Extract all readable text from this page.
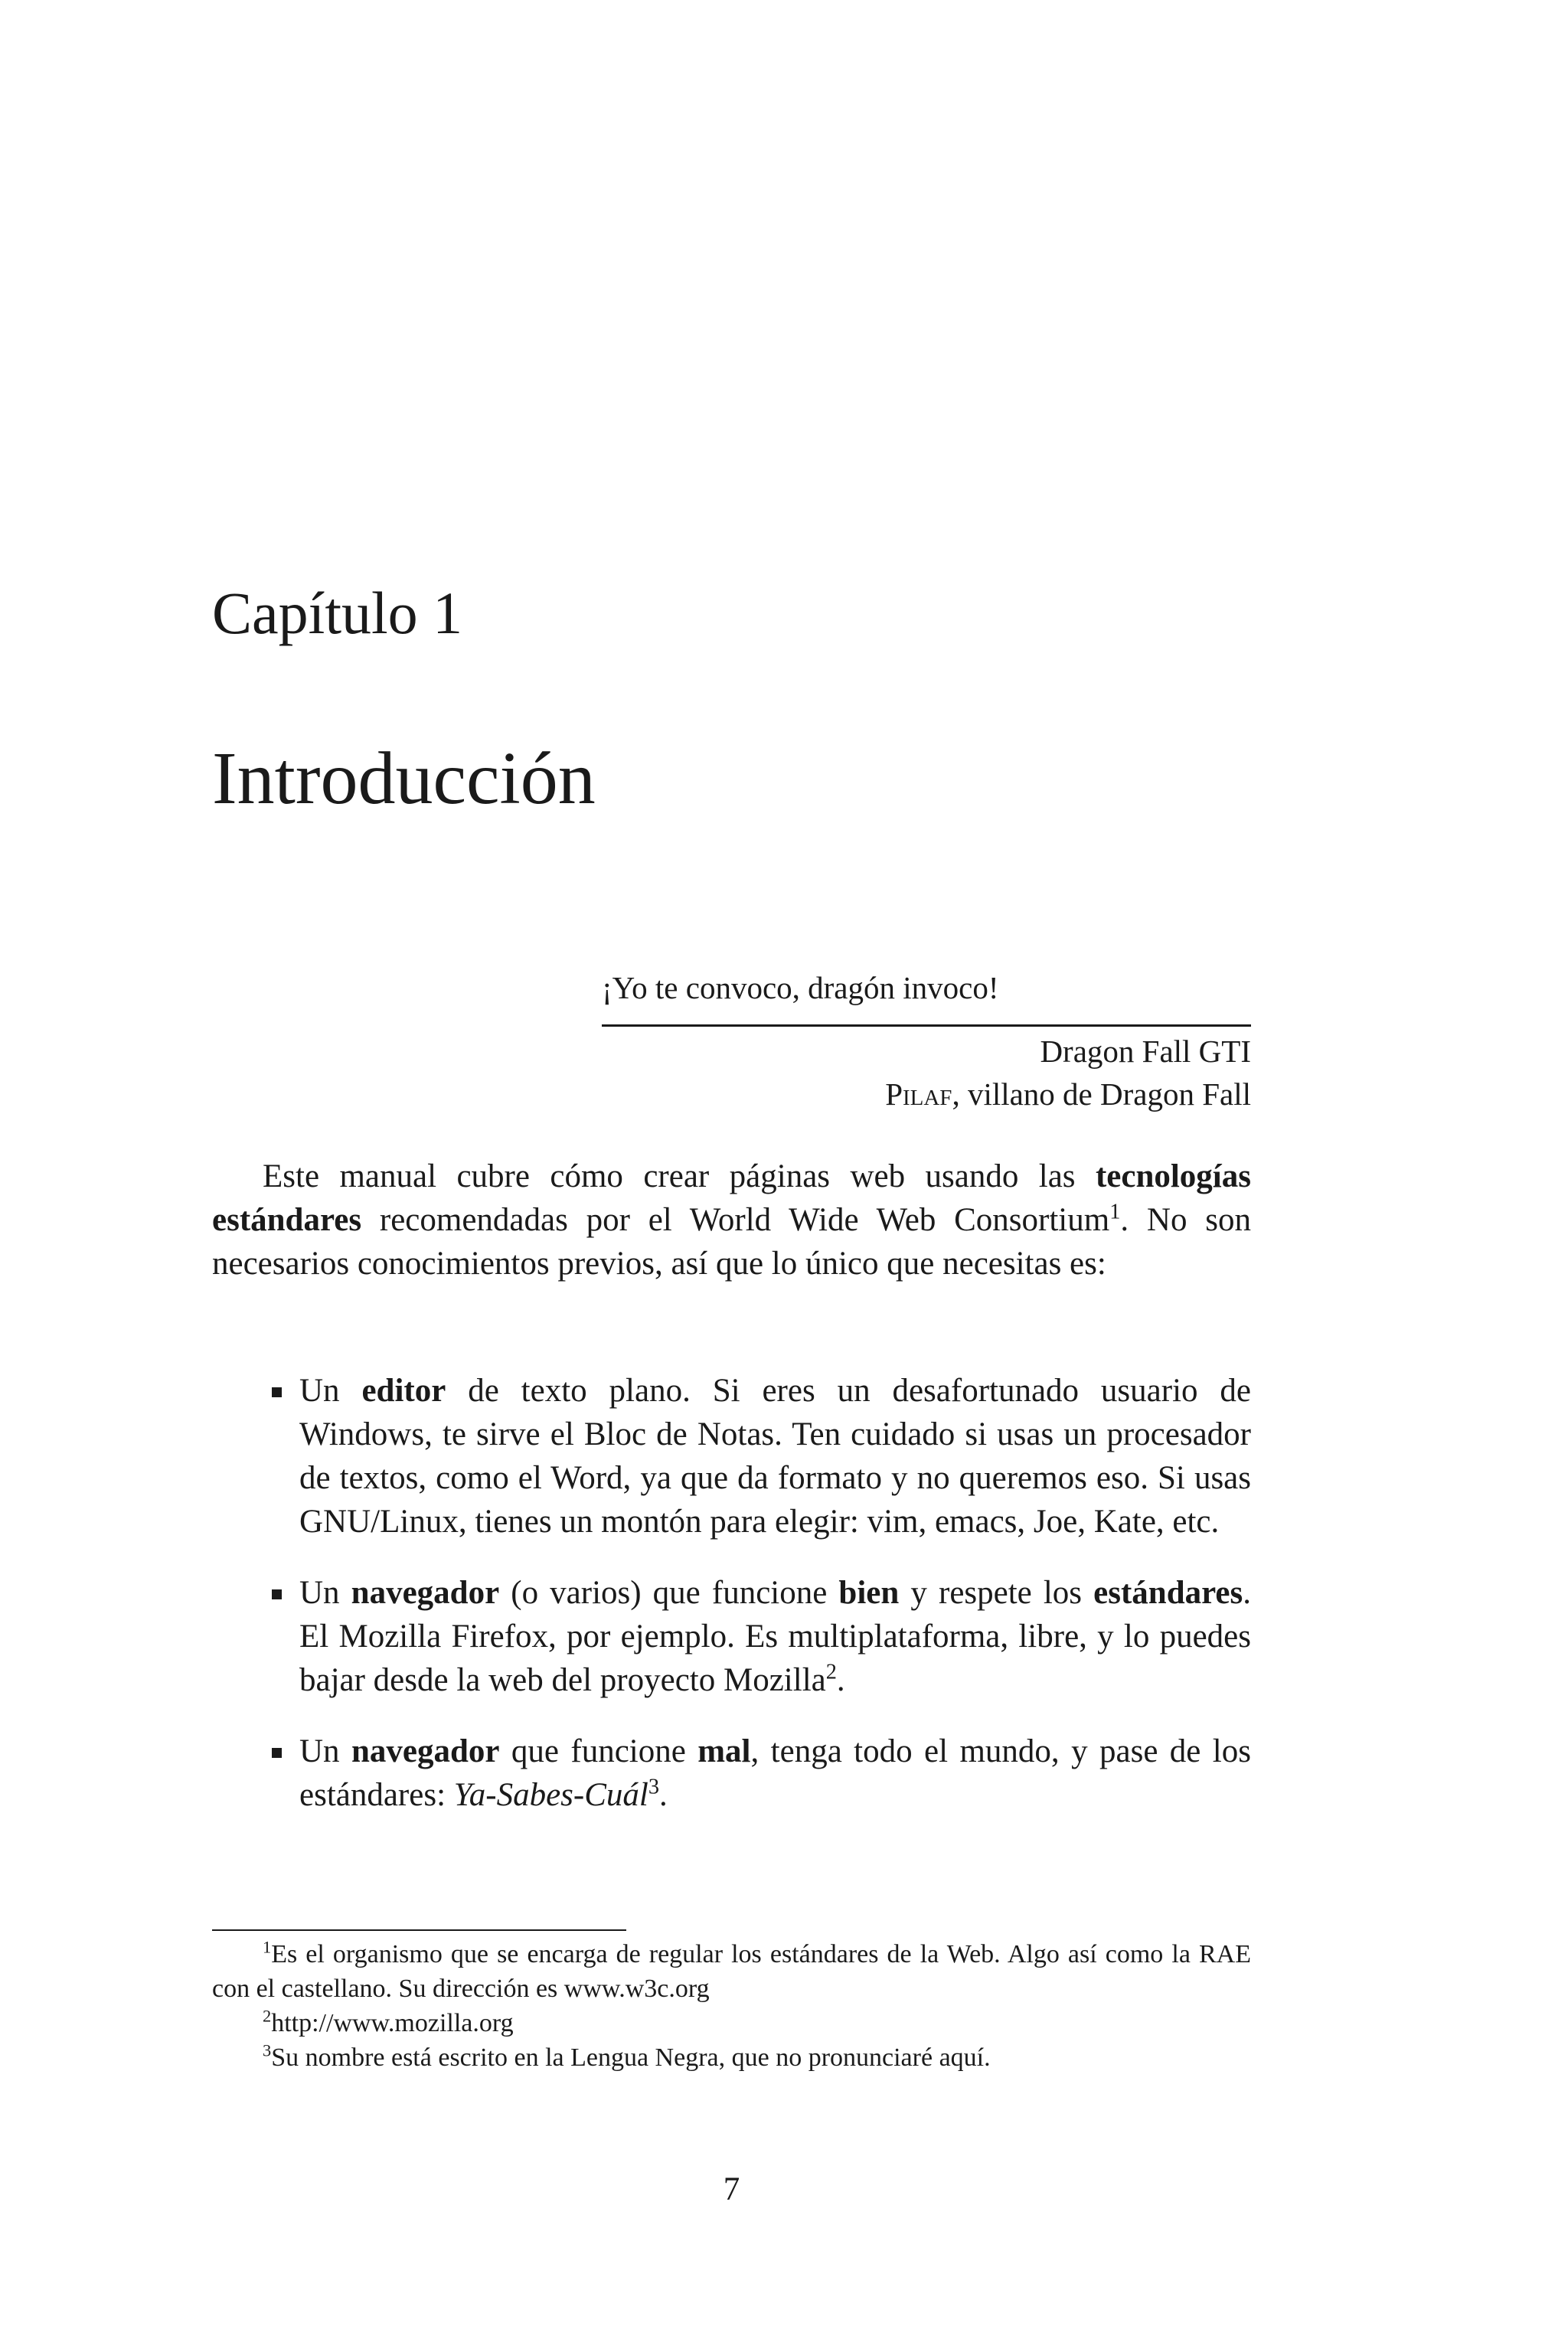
Capítulo 1
Introducción
¡Yo te convoco, dragón invoco!
Dragon Fall GTI
Pilaf, villano de Dragon Fall

Este manual cubre cómo crear páginas web usando las tecnologías estándares recomendadas por el World Wide Web Consortium$^1$. No son necesarios conocimientos previos, así que lo único que necesitas es:

Un editor de texto plano. Si eres un desafortunado usuario de Windows, te sirve el Bloc de Notas. Ten cuidado si usas un procesador de textos, como el Word, ya que da formato y no queremos eso. Si usas GNU/Linux, tienes un montón para elegir: vim, emacs, Joe, Kate, etc.
Un navegador (o varios) que funcione bien y respete los estándares. El Mozilla Firefox, por ejemplo. Es multiplataforma, libre, y lo puedes bajar desde la web del proyecto Mozilla$^2$.
Un navegador que funcione mal, tenga todo el mundo, y pase de los estándares: Ya-Sabes-Cuál$^3$.
$^1$Es el organismo que se encarga de regular los estándares de la Web. Algo así como la RAE con el castellano. Su dirección es www.w3c.org
$^2$http://www.mozilla.org
$^3$Su nombre está escrito en la Lengua Negra, que no pronunciaré aquí.
7
